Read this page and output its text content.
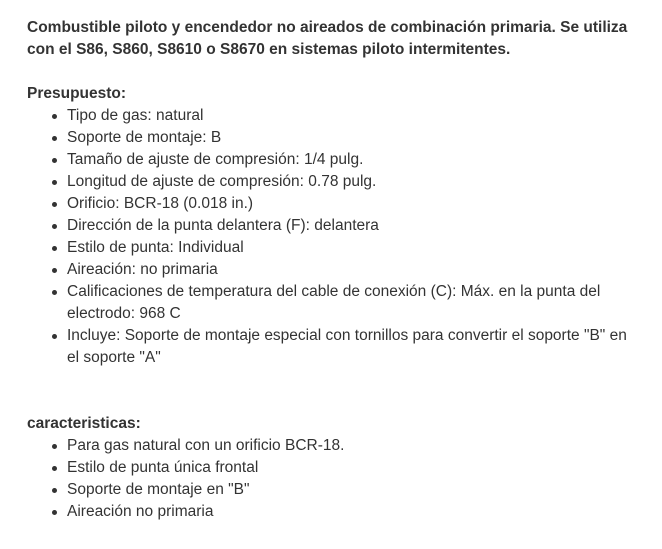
Combustible piloto y encendedor no aireados de combinación primaria. Se utiliza con el S86, S860, S8610 o S8670 en sistemas piloto intermitentes.

Presupuesto:

Tipo de gas: natural
Soporte de montaje: B
Tamaño de ajuste de compresión: 1/4 pulg.
Longitud de ajuste de compresión: 0.78 pulg.
Orificio: BCR-18 (0.018 in.)
Dirección de la punta delantera (F): delantera
Estilo de punta: Individual
Aireación: no primaria
Calificaciones de temperatura del cable de conexión (C): Máx. en la punta del electrodo: 968 C
Incluye: Soporte de montaje especial con tornillos para convertir el soporte "B" en el soporte "A"

caracteristicas:

Para gas natural con un orificio BCR-18.
Estilo de punta única frontal
Soporte de montaje en "B"
Aireación no primaria
